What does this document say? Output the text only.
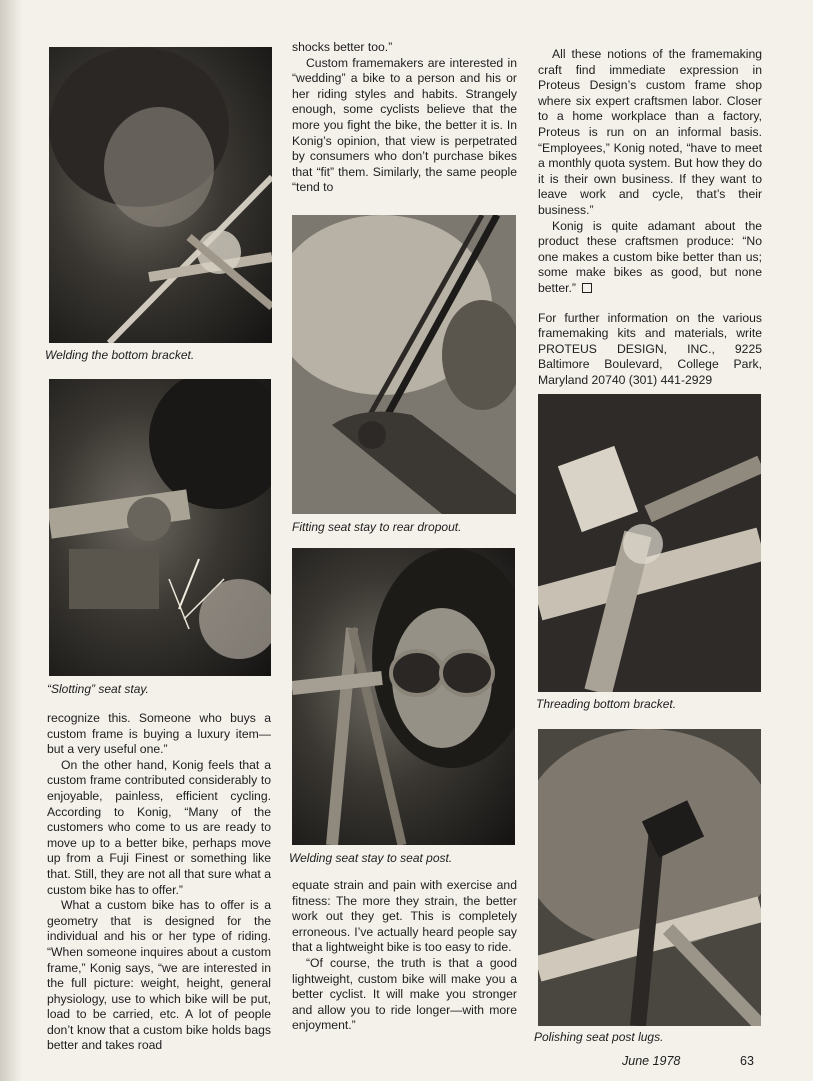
Welding the bottom bracket.
“Slotting” seat stay.

recognize this. Someone who buys a custom frame is buying a luxury item—but a very useful one.”

On the other hand, Konig feels that a custom frame contributed considerably to enjoyable, painless, efficient cycling. According to Konig, “Many of the customers who come to us are ready to move up to a better bike, perhaps move up from a Fuji Finest or something like that. Still, they are not all that sure what a custom bike has to offer.”

What a custom bike has to offer is a geometry that is designed for the individual and his or her type of riding. “When someone inquires about a custom frame,” Konig says, “we are interested in the full picture: weight, height, general physiology, use to which bike will be put, load to be carried, etc. A lot of people don’t know that a custom bike holds bags better and takes road

shocks better too.”

Custom framemakers are interested in “wedding” a bike to a person and his or her riding styles and habits. Strangely enough, some cyclists believe that the more you fight the bike, the better it is. In Konig’s opinion, that view is perpetrated by consumers who don’t purchase bikes that “fit” them. Similarly, the same people “tend to

Fitting seat stay to rear dropout.
Welding seat stay to seat post.

equate strain and pain with exercise and fitness: The more they strain, the better work out they get. This is completely erroneous. I’ve actually heard people say that a lightweight bike is too easy to ride.

“Of course, the truth is that a good lightweight, custom bike will make you a better cyclist. It will make you stronger and allow you to ride longer—with more enjoyment.”

All these notions of the framemaking craft find immediate expression in Proteus Design’s custom frame shop where six expert craftsmen labor. Closer to a home workplace than a factory, Proteus is run on an informal basis. “Employees,” Konig noted, “have to meet a monthly quota system. But how they do it is their own business. If they want to leave work and cycle, that’s their business.”

Konig is quite adamant about the product these craftsmen produce: “No one makes a custom bike better than us; some make bikes as good, but none better.”

For further information on the various framemaking kits and materials, write PROTEUS DESIGN, INC., 9225 Baltimore Boulevard, College Park, Maryland 20740 (301) 441-2929

Threading bottom bracket.
Polishing seat post lugs.
June 1978	63
